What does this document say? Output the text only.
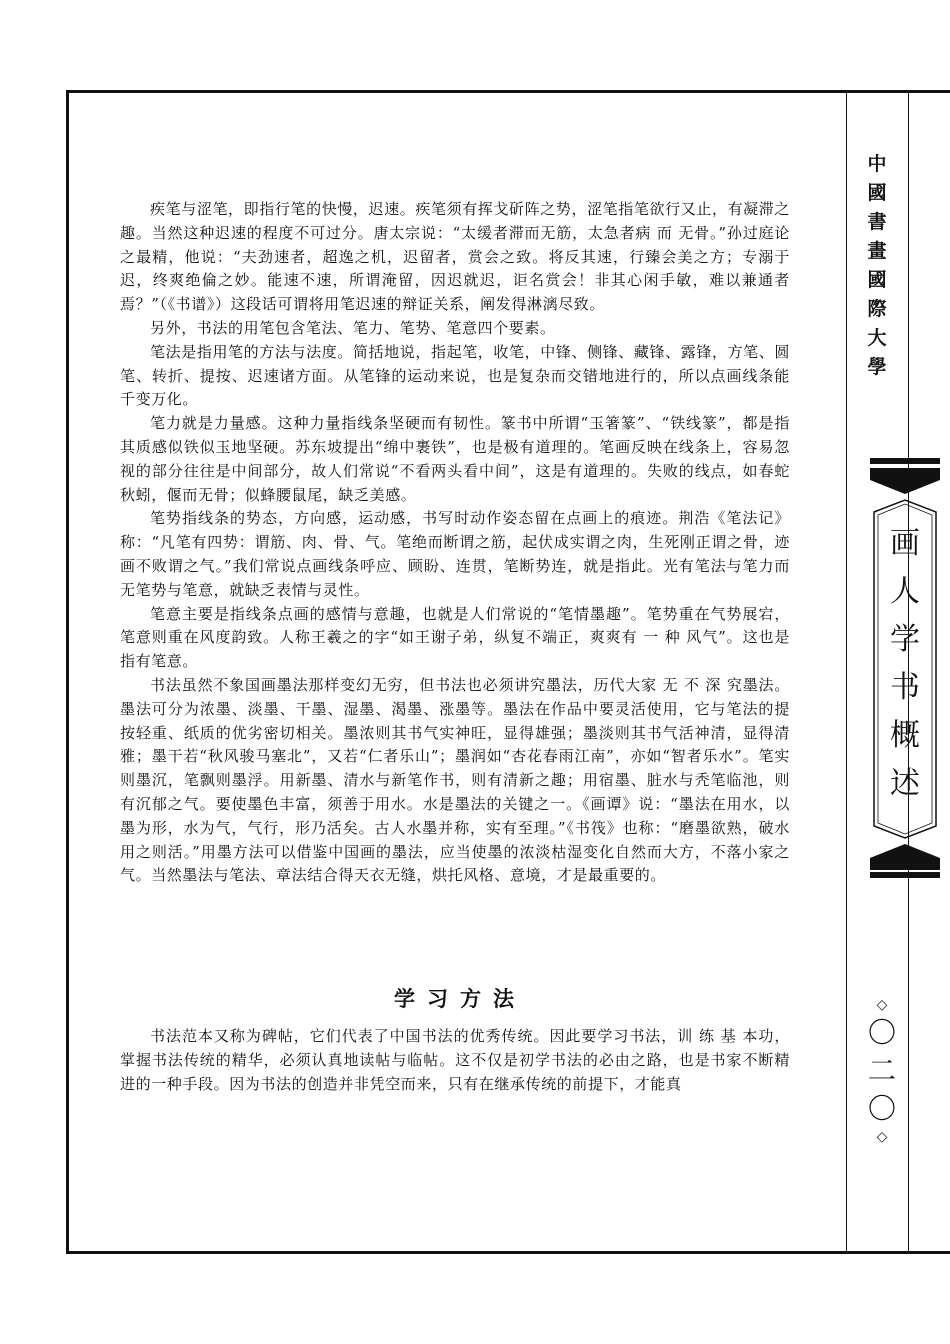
中
國
書
畫
國
際
大
學
画
人
学
书
概
述
◇
〇
二
〇
◇

疾笔与涩笔，即指行笔的快慢，迟速。疾笔须有挥戈斫阵之势，涩笔指笔欲行又止，有凝滞之趣。当然这种迟速的程度不可过分。唐太宗说：“太缓者滞而无筋，太急者病 而 无骨。”孙过庭论之最精，他说：“夫劲速者，超逸之机，迟留者，赏会之致。将反其速，行臻会美之方；专溺于迟，终爽绝倫之妙。能速不速，所谓淹留，因迟就迟，讵名赏会！非其心闲手敏，难以兼通者焉？”（《书谱》）这段话可谓将用笔迟速的辩证关系，阐发得淋漓尽致。

另外，书法的用笔包含笔法、笔力、笔势、笔意四个要素。

笔法是指用笔的方法与法度。简括地说，指起笔，收笔，中锋、侧锋、藏锋、露锋，方笔、圆笔、转折、提按、迟速诸方面。从笔锋的运动来说，也是复杂而交错地进行的，所以点画线条能千变万化。

笔力就是力量感。这种力量指线条坚硬而有韧性。篆书中所谓“玉箸篆”、“铁线篆”，都是指其质感似铁似玉地坚硬。苏东坡提出“绵中裹铁”，也是极有道理的。笔画反映在线条上，容易忽视的部分往往是中间部分，故人们常说“不看两头看中间”，这是有道理的。失败的线点，如春蛇秋蚓，偃而无骨；似蜂腰鼠尾，缺乏美感。

笔势指线条的势态，方向感，运动感，书写时动作姿态留在点画上的痕迹。荆浩《笔法记》称：“凡笔有四势：谓筋、肉、骨、气。笔绝而断谓之筋，起伏成实谓之肉，生死刚正谓之骨，迹画不败谓之气。”我们常说点画线条呼应、顾盼、连贯，笔断势连，就是指此。光有笔法与笔力而无笔势与笔意，就缺乏表情与灵性。

笔意主要是指线条点画的感情与意趣，也就是人们常说的“笔情墨趣”。笔势重在气势展宕，笔意则重在风度韵致。人称王羲之的字“如王谢子弟，纵复不端正，爽爽有 一 种 风气”。这也是指有笔意。

书法虽然不象国画墨法那样变幻无穷，但书法也必须讲究墨法，历代大家 无 不 深 究墨法。墨法可分为浓墨、淡墨、干墨、湿墨、渴墨、涨墨等。墨法在作品中要灵活使用，它与笔法的提按轻重、纸质的优劣密切相关。墨浓则其书气实神旺，显得雄强；墨淡则其书气活神清，显得清雅；墨干若“秋风骏马塞北”，又若“仁者乐山”；墨润如“杏花春雨江南”，亦如“智者乐水”。笔实则墨沉，笔飘则墨浮。用新墨、清水与新笔作书，则有清新之趣；用宿墨、脏水与秃笔临池，则有沉郁之气。要使墨色丰富，须善于用水。水是墨法的关键之一。《画谭》说：“墨法在用水，以墨为形，水为气，气行，形乃活矣。古人水墨并称，实有至理。”《书筏》也称：“磨墨欲熟，破水用之则活。”用墨方法可以借鉴中国画的墨法，应当使墨的浓淡枯湿变化自然而大方，不落小家之气。当然墨法与笔法、章法结合得天衣无缝，烘托风格、意境，才是最重要的。

学习方法

书法范本又称为碑帖，它们代表了中国书法的优秀传统。因此要学习书法，训 练 基 本功，掌握书法传统的精华，必须认真地读帖与临帖。这不仅是初学书法的必由之路，也是书家不断精进的一种手段。因为书法的创造并非凭空而来，只有在继承传统的前提下，才能真
